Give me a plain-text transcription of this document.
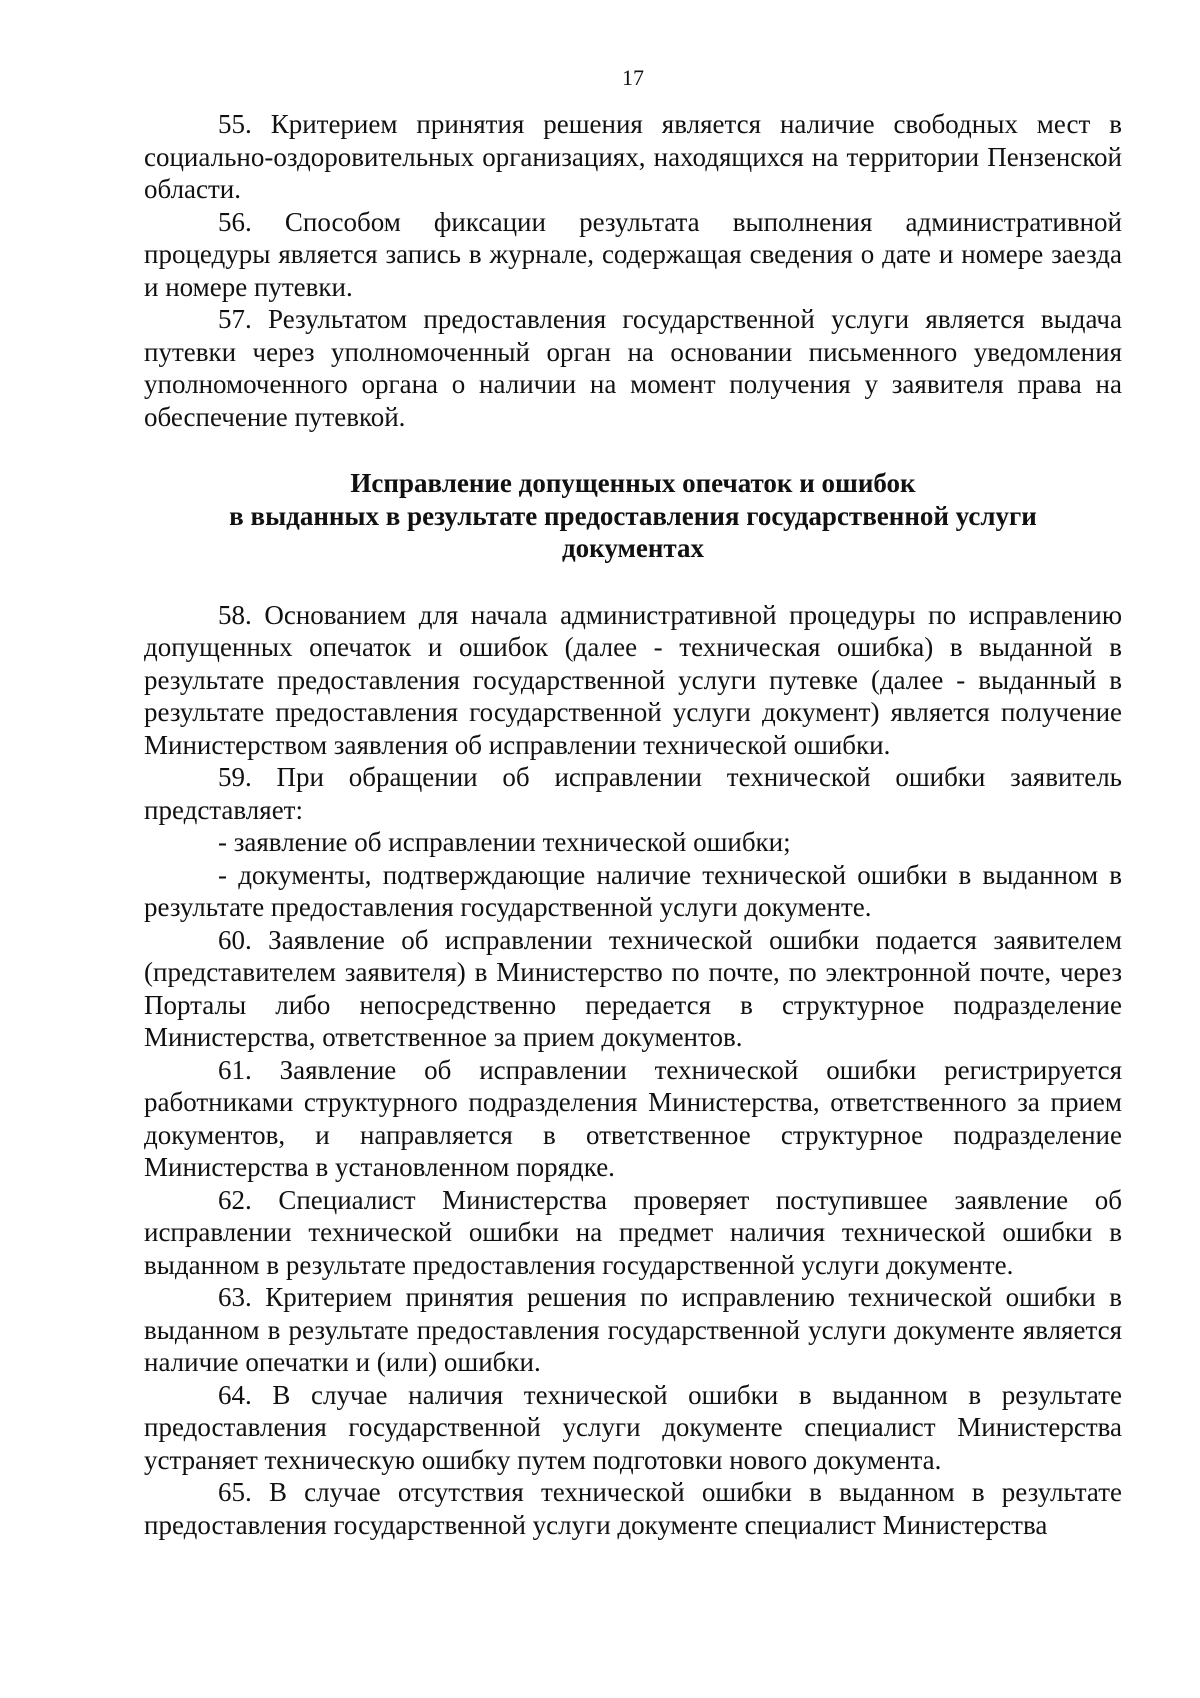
17

55. Критерием принятия решения является наличие свободных мест в социально-оздоровительных организациях, находящихся на территории Пензенской области.

56. Способом фиксации результата выполнения административной процедуры является запись в журнале, содержащая сведения о дате и номере заезда и номере путевки.

57. Результатом предоставления государственной услуги является выдача путевки через уполномоченный орган на основании письменного уведомления уполномоченного органа о наличии на момент получения у заявителя права на обеспечение путевкой.

Исправление допущенных опечаток и ошибок
в выданных в результате предоставления государственной услуги
документах

58. Основанием для начала административной процедуры по исправлению допущенных опечаток и ошибок (далее - техническая ошибка) в выданной в результате предоставления государственной услуги путевке (далее - выданный в результате предоставления государственной услуги документ) является получение Министерством заявления об исправлении технической ошибки.

59. При обращении об исправлении технической ошибки заявитель представляет:

- заявление об исправлении технической ошибки;

- документы, подтверждающие наличие технической ошибки в выданном в результате предоставления государственной услуги документе.

60. Заявление об исправлении технической ошибки подается заявителем (представителем заявителя) в Министерство по почте, по электронной почте, через Порталы либо непосредственно передается в структурное подразделение Министерства, ответственное за прием документов.

61. Заявление об исправлении технической ошибки регистрируется работниками структурного подразделения Министерства, ответственного за прием документов, и направляется в ответственное структурное подразделение Министерства в установленном порядке.

62. Специалист Министерства проверяет поступившее заявление об исправлении технической ошибки на предмет наличия технической ошибки в выданном в результате предоставления государственной услуги документе.

63. Критерием принятия решения по исправлению технической ошибки в выданном в результате предоставления государственной услуги документе является наличие опечатки и (или) ошибки.

64. В случае наличия технической ошибки в выданном в результате предоставления государственной услуги документе специалист Министерства устраняет техническую ошибку путем подготовки нового документа.

65. В случае отсутствия технической ошибки в выданном в результате предоставления государственной услуги документе специалист Министерства
